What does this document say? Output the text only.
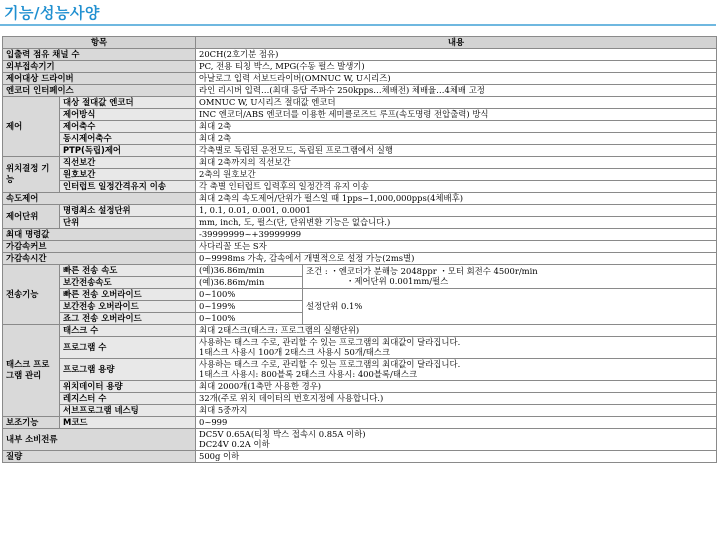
기능/성능사양
항목		내용	
입출력 점유 채널 수		20CH(2호기분 점유)	
외부접속기기		PC, 전용 티칭 박스, MPG(수동 펄스 발생기)	
제어대상 드라이버		아날로그 입력 서보드라이버(OMNUC W, U시리즈)	
엔코더 인터페이스		라인 리시버 입력…(최대 응답 주파수 250kpps…체배전) 체배율…4체배 고정	
제어	대상 절대값 엔코더	OMNUC W, U시리즈 절대값 엔코더	
	제어방식	INC 엔코더/ABS 엔코더를 이용한 세미클로즈드 루프(속도명령 전압출력) 방식	
	제어축수	최대 2축	
	동시제어축수	최대 2축	
	PTP(독립)제어	각축별로 독립된 운전모드, 독립된 프로그램에서 실행	
위치결정 기능	직선보간	최대 2축까지의 직선보간	
	원호보간	2축의 원호보간	
	인터럽트 일정간격유지 이송	각 축별 인터럽트 입력후의 일정간격 유지 이송	
속도제어		최대 2축의 속도제어/단위가 펄스일 때 1pps~1,000,000pps(4체배후)	
제어단위	명령최소 설정단위	1, 0.1, 0.01, 0.001, 0.0001	
	단위	mm, inch, 도, 펄스(단, 단위변환 기능은 없습니다.)	
최대 명령값		-39999999~+39999999	
가감속커브		사다리꼴 또는 S자	
가감속시간		0~9998ms 가속, 감속에서 개별적으로 설정 가능(2ms별)	
전송기능	빠른 전송 속도	(예)36.86m/min	조건 : ・엔코더가 분해능 2048ppr ・모터 회전수 4500r/min
・제어단위 0.001mm/펄스

	보간전송속도	(예)36.86m/min	
	빠른 전송 오버라이드	0~100%	설정단위 0.1%
	보간전송 오버라이드	0~199%	
	죠그 전송 오버라이드	0~100%	
태스크 프로그램 관리	태스크 수	최대 2태스크(태스크: 프로그램의 실행단위)	
	프로그램 수	사용하는 태스크 수로, 관리할 수 있는 프로그램의 최대값이 달라집니다.
1태스크 사용시 100개 2태스크 사용시 50개/태스크	

	프로그램 용량	사용하는 태스크 수로, 관리할 수 있는 프로그램의 최대값이 달라집니다.
1태스크 사용시: 800블록 2태스크 사용시: 400블록/태스크	

	위치데이터 용량	최대 2000개(1축만 사용한 경우)	
	레지스터 수	32개(주로 위치 데이터의 번호지정에 사용합니다.)	
	서브프로그램 네스팅	최대 5중까지	
보조기능	M코드	0~999	
내부 소비전류		DC5V 0.65A(티칭 박스 접속시 0.85A 이하)
DC24V 0.2A 이하	

질량		500g 이하	
